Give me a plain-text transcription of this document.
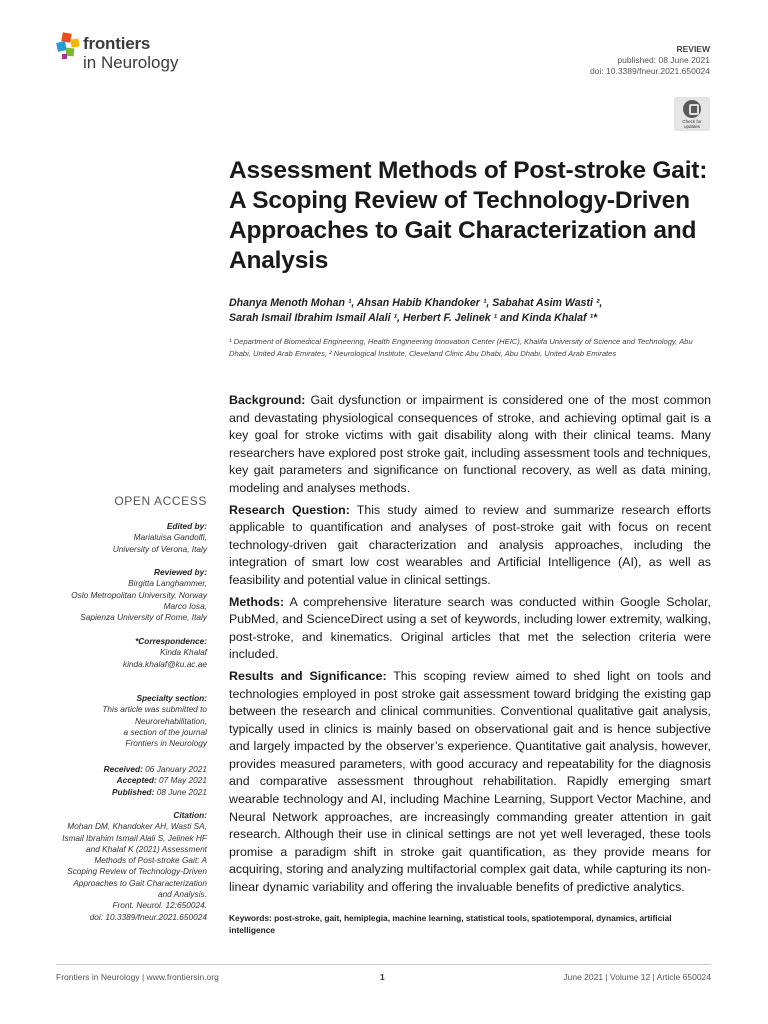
frontiers
in Neurology
REVIEW
published: 08 June 2021
doi: 10.3389/fneur.2021.650024
Check for
updates
Assessment Methods of Post-stroke Gait: A Scoping Review of Technology-Driven Approaches to Gait Characterization and Analysis
Dhanya Menoth Mohan ¹, Ahsan Habib Khandoker ¹, Sabahat Asim Wasti ²,
Sarah Ismail Ibrahim Ismail Alali ¹, Herbert F. Jelinek ¹ and Kinda Khalaf ¹*
¹ Department of Biomedical Engineering, Health Engineering Innovation Center (HEIC), Khalifa University of Science and Technology, Abu Dhabi, United Arab Emirates, ² Neurological Institute, Cleveland Clinic Abu Dhabi, Abu Dhabi, United Arab Emirates

Background: Gait dysfunction or impairment is considered one of the most common and devastating physiological consequences of stroke, and achieving optimal gait is a key goal for stroke victims with gait disability along with their clinical teams. Many researchers have explored post stroke gait, including assessment tools and techniques, key gait parameters and significance on functional recovery, as well as data mining, modeling and analyses methods.

Research Question: This study aimed to review and summarize research efforts applicable to quantification and analyses of post-stroke gait with focus on recent technology-driven gait characterization and analysis approaches, including the integration of smart low cost wearables and Artificial Intelligence (AI), as well as feasibility and potential value in clinical settings.

Methods: A comprehensive literature search was conducted within Google Scholar, PubMed, and ScienceDirect using a set of keywords, including lower extremity, walking, post-stroke, and kinematics. Original articles that met the selection criteria were included.

Results and Significance: This scoping review aimed to shed light on tools and technologies employed in post stroke gait assessment toward bridging the existing gap between the research and clinical communities. Conventional qualitative gait analysis, typically used in clinics is mainly based on observational gait and is hence subjective and largely impacted by the observer’s experience. Quantitative gait analysis, however, provides measured parameters, with good accuracy and repeatability for the diagnosis and comparative assessment throughout rehabilitation. Rapidly emerging smart wearable technology and AI, including Machine Learning, Support Vector Machine, and Neural Network approaches, are increasingly commanding greater attention in gait research. Although their use in clinical settings are not yet well leveraged, these tools promise a paradigm shift in stroke gait quantification, as they provide means for acquiring, storing and analyzing multifactorial complex gait data, while capturing its non-linear dynamic variability and offering the invaluable benefits of predictive analytics.

Keywords: post-stroke, gait, hemiplegia, machine learning, statistical tools, spatiotemporal, dynamics, artificial intelligence
OPEN ACCESS
Edited by:
Marialuisa Gandolfi,
University of Verona, Italy
Reviewed by:
Birgitta Langhammer,
Oslo Metropolitan University, Norway
Marco Iosa,
Sapienza University of Rome, Italy
*Correspondence:
Kinda Khalaf
kinda.khalaf@ku.ac.ae
Specialty section:
This article was submitted to
Neurorehabilitation,
a section of the journal
Frontiers in Neurology
Received: 06 January 2021
Accepted: 07 May 2021
Published: 08 June 2021
Citation:
Mohan DM, Khandoker AH, Wasti SA,
Ismail Ibrahim Ismail Alali S, Jelinek HF
and Khalaf K (2021) Assessment
Methods of Post-stroke Gait: A
Scoping Review of Technology-Driven
Approaches to Gait Characterization
and Analysis.
Front. Neurol. 12:650024.
doi: 10.3389/fneur.2021.650024
Frontiers in Neurology | www.frontiersin.org	1	June 2021 | Volume 12 | Article 650024
